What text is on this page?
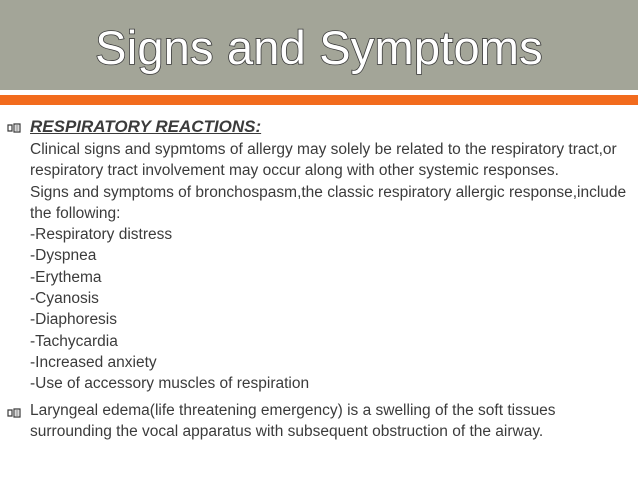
Signs and Symptoms
RESPIRATORY REACTIONS:
Clinical signs and sypmtoms of allergy may solely be related to the respiratory tract,or respiratory tract involvement may occur along with other systemic responses.
Signs and symptoms of bronchospasm,the classic respiratory allergic response,include the following:
-Respiratory distress
-Dyspnea
-Erythema
-Cyanosis
-Diaphoresis
-Tachycardia
-Increased anxiety
-Use of accessory muscles of respiration
Laryngeal edema(life threatening emergency) is a swelling of the soft tissues surrounding the vocal apparatus with subsequent obstruction of the airway.
